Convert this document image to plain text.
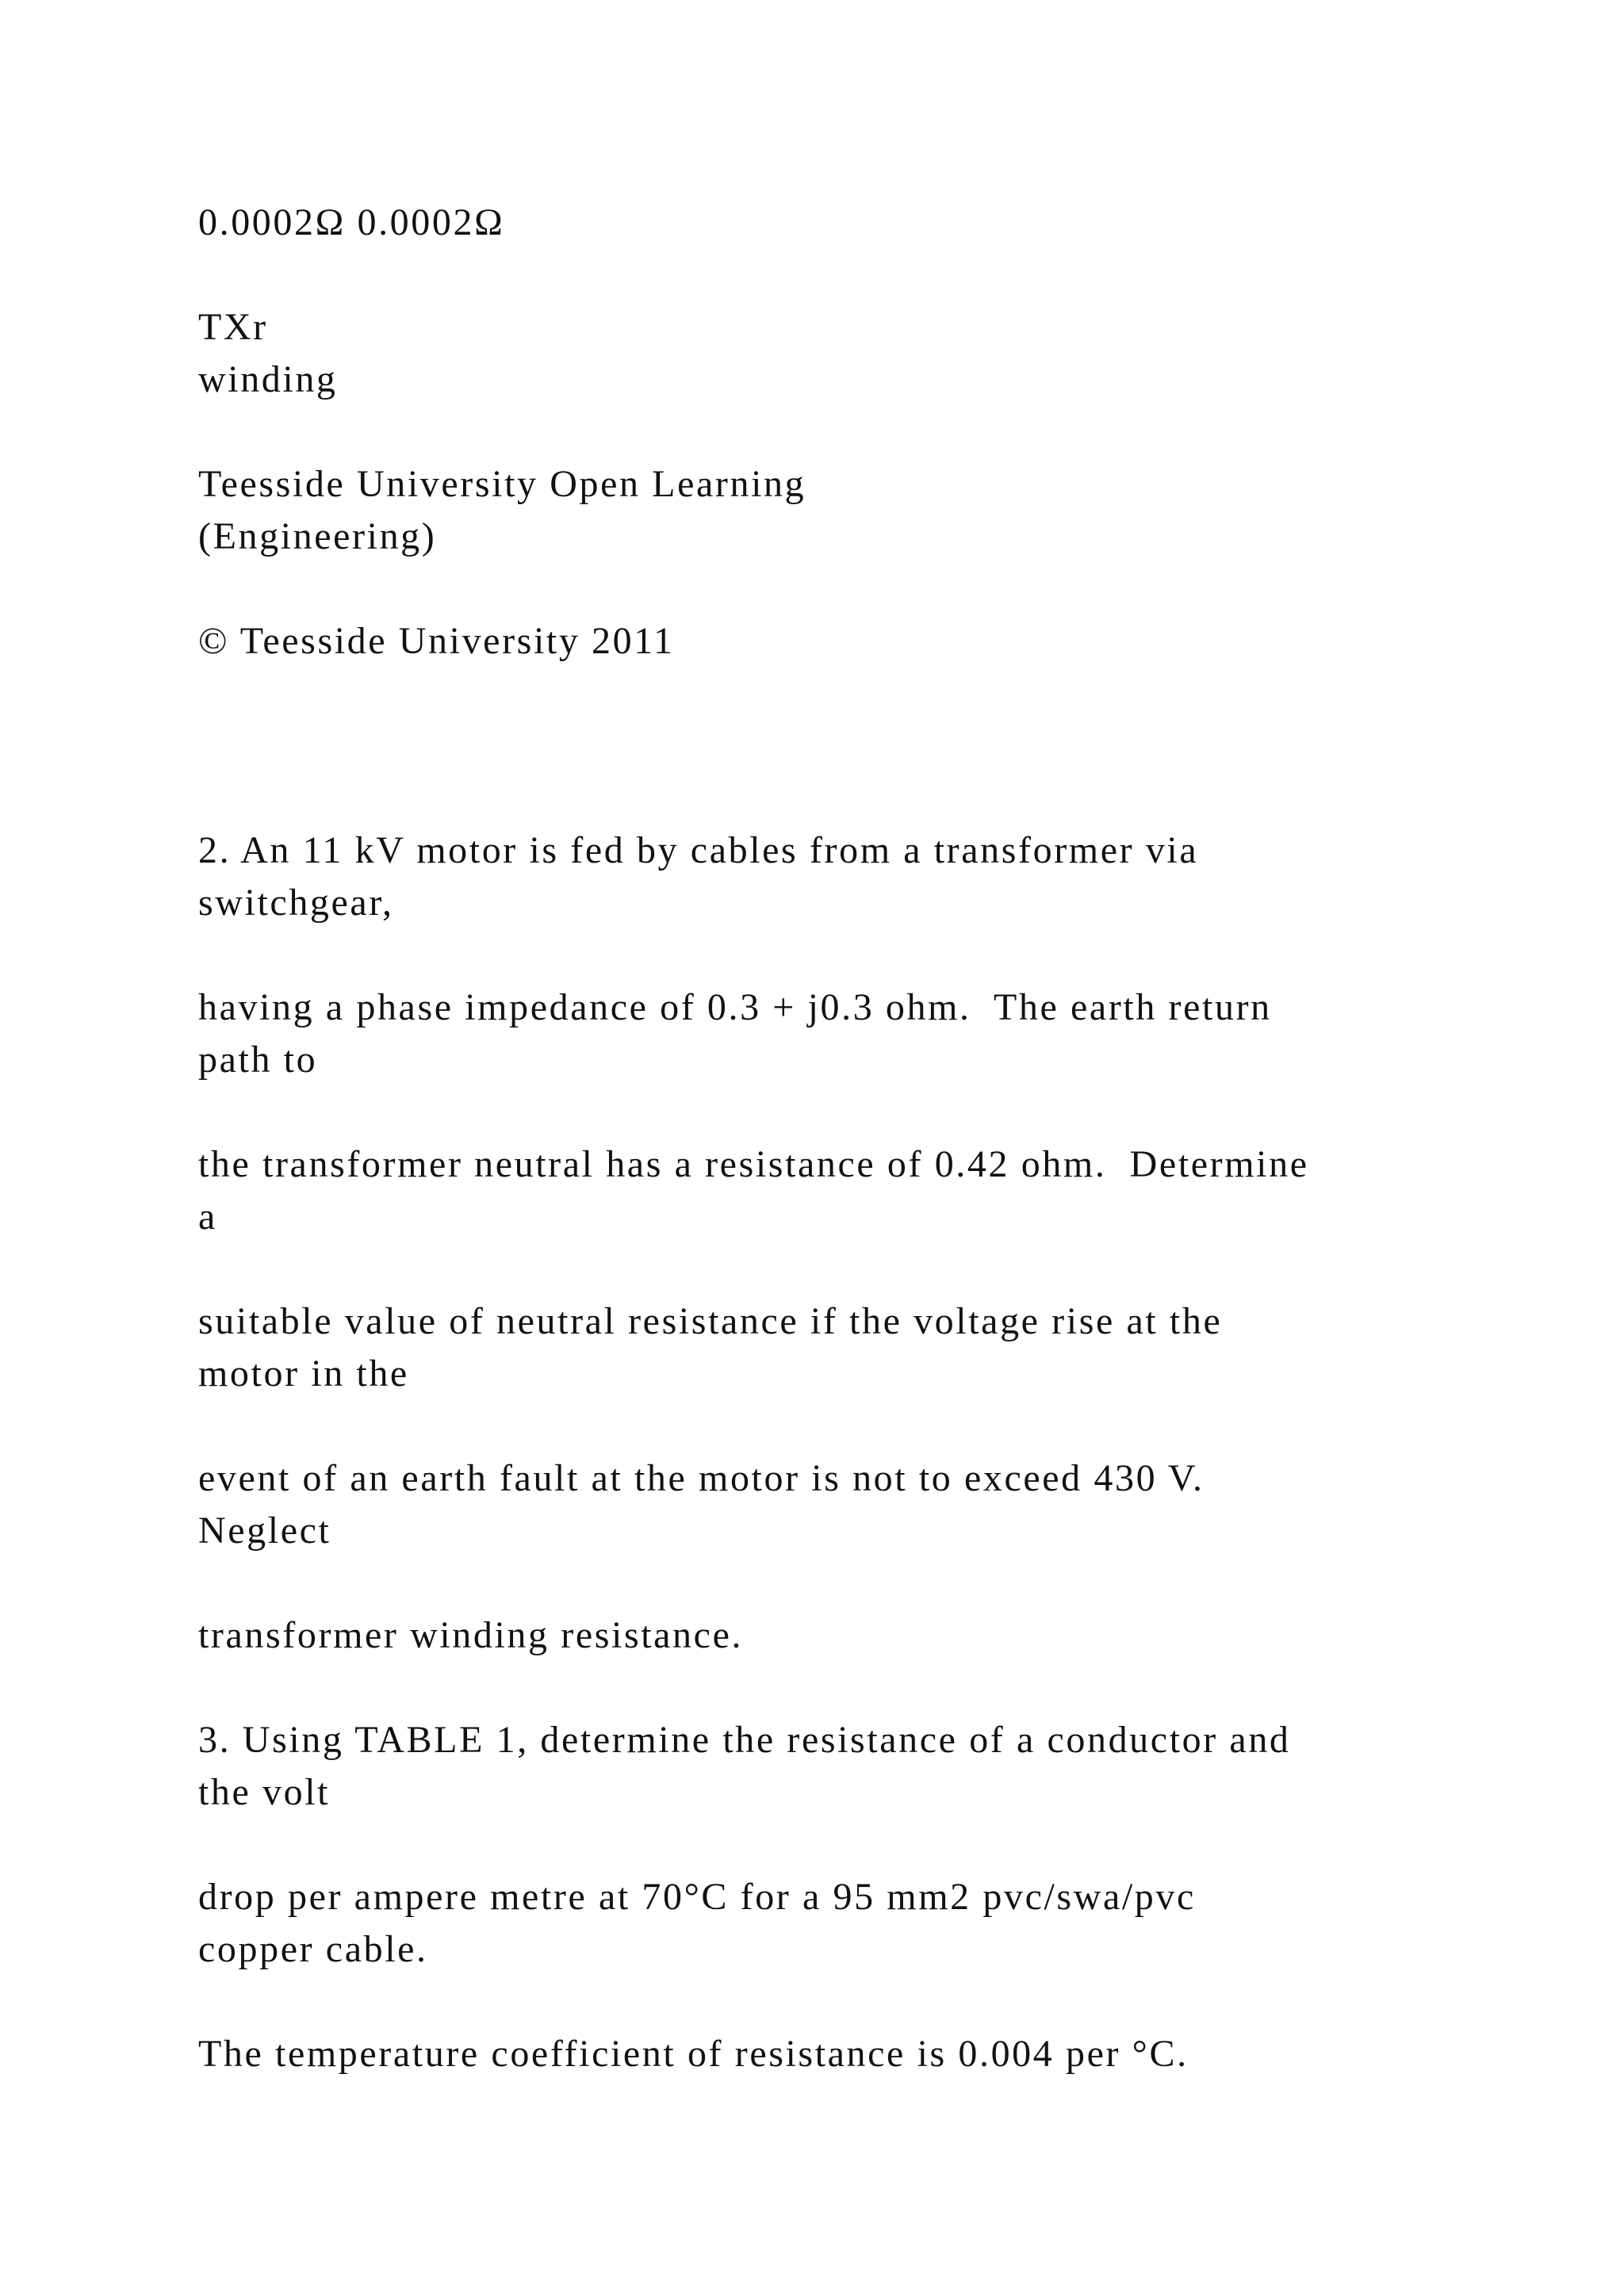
0.0002Ω 0.0002Ω

TXr

winding

Teesside University Open Learning

(Engineering)

© Teesside University 2011

2. An 11 kV motor is fed by cables from a transformer via

switchgear,

having a phase impedance of 0.3 + j0.3 ohm.  The earth return

path to

the transformer neutral has a resistance of 0.42 ohm.  Determine

a

suitable value of neutral resistance if the voltage rise at the

motor in the

event of an earth fault at the motor is not to exceed 430 V.

Neglect

transformer winding resistance.

3. Using TABLE 1, determine the resistance of a conductor and

the volt

drop per ampere metre at 70°C for a 95 mm2 pvc/swa/pvc

copper cable.

The temperature coefficient of resistance is 0.004 per °C.
